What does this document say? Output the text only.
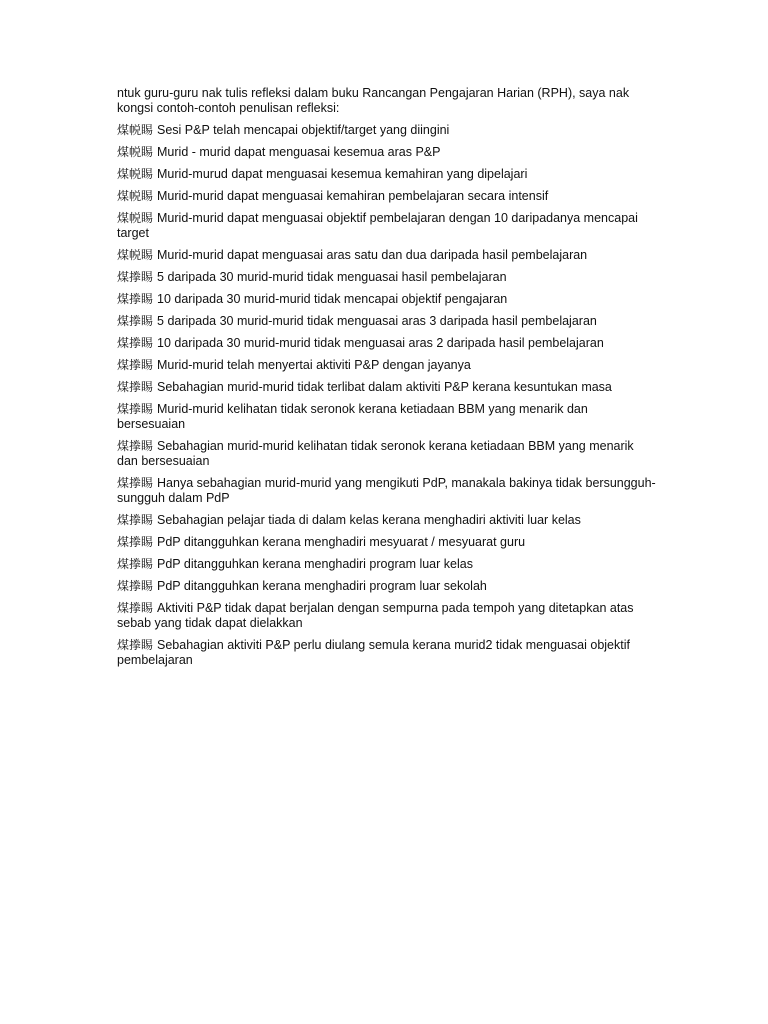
ntuk guru-guru nak tulis refleksi dalam buku Rancangan Pengajaran Harian (RPH), saya nak kongsi contoh-contoh penulisan refleksi:

煤帨睗 Sesi P&P telah mencapai objektif/target yang diingini
煤帨睗 Murid - murid dapat menguasai kesemua aras P&P
煤帨睗 Murid-murud dapat menguasai kesemua kemahiran yang dipelajari
煤帨睗 Murid-murid dapat menguasai kemahiran pembelajaran secara intensif
煤帨睗 Murid-murid dapat menguasai objektif pembelajaran dengan 10 daripadanya mencapai target
煤帨睗 Murid-murid dapat menguasai aras satu dan dua daripada hasil pembelajaran
煤搼睗 5 daripada 30 murid-murid tidak menguasai hasil pembelajaran
煤搼睗 10 daripada 30 murid-murid tidak mencapai objektif pengajaran
煤搼睗 5 daripada 30 murid-murid tidak menguasai aras 3 daripada hasil pembelajaran
煤搼睗 10 daripada 30 murid-murid tidak menguasai aras 2 daripada hasil pembelajaran
煤搼睗 Murid-murid telah menyertai aktiviti P&P dengan jayanya
煤搼睗 Sebahagian murid-murid tidak terlibat dalam aktiviti P&P kerana kesuntukan masa
煤搼睗 Murid-murid kelihatan tidak seronok kerana ketiadaan BBM yang menarik dan bersesuaian
煤搼睗 Sebahagian murid-murid kelihatan tidak seronok kerana ketiadaan BBM yang menarik dan bersesuaian
煤搼睗 Hanya sebahagian murid-murid yang mengikuti PdP, manakala bakinya tidak bersungguh-sungguh dalam PdP
煤搼睗 Sebahagian pelajar tiada di dalam kelas kerana menghadiri aktiviti luar kelas
煤搼睗 PdP ditangguhkan kerana menghadiri mesyuarat / mesyuarat guru
煤搼睗 PdP ditangguhkan kerana menghadiri program luar kelas
煤搼睗 PdP ditangguhkan kerana menghadiri program luar sekolah
煤搼睗 Aktiviti P&P tidak dapat berjalan dengan sempurna pada tempoh yang ditetapkan atas sebab yang tidak dapat dielakkan
煤搼睗 Sebahagian aktiviti P&P perlu diulang semula kerana murid2 tidak menguasai objektif pembelajaran
